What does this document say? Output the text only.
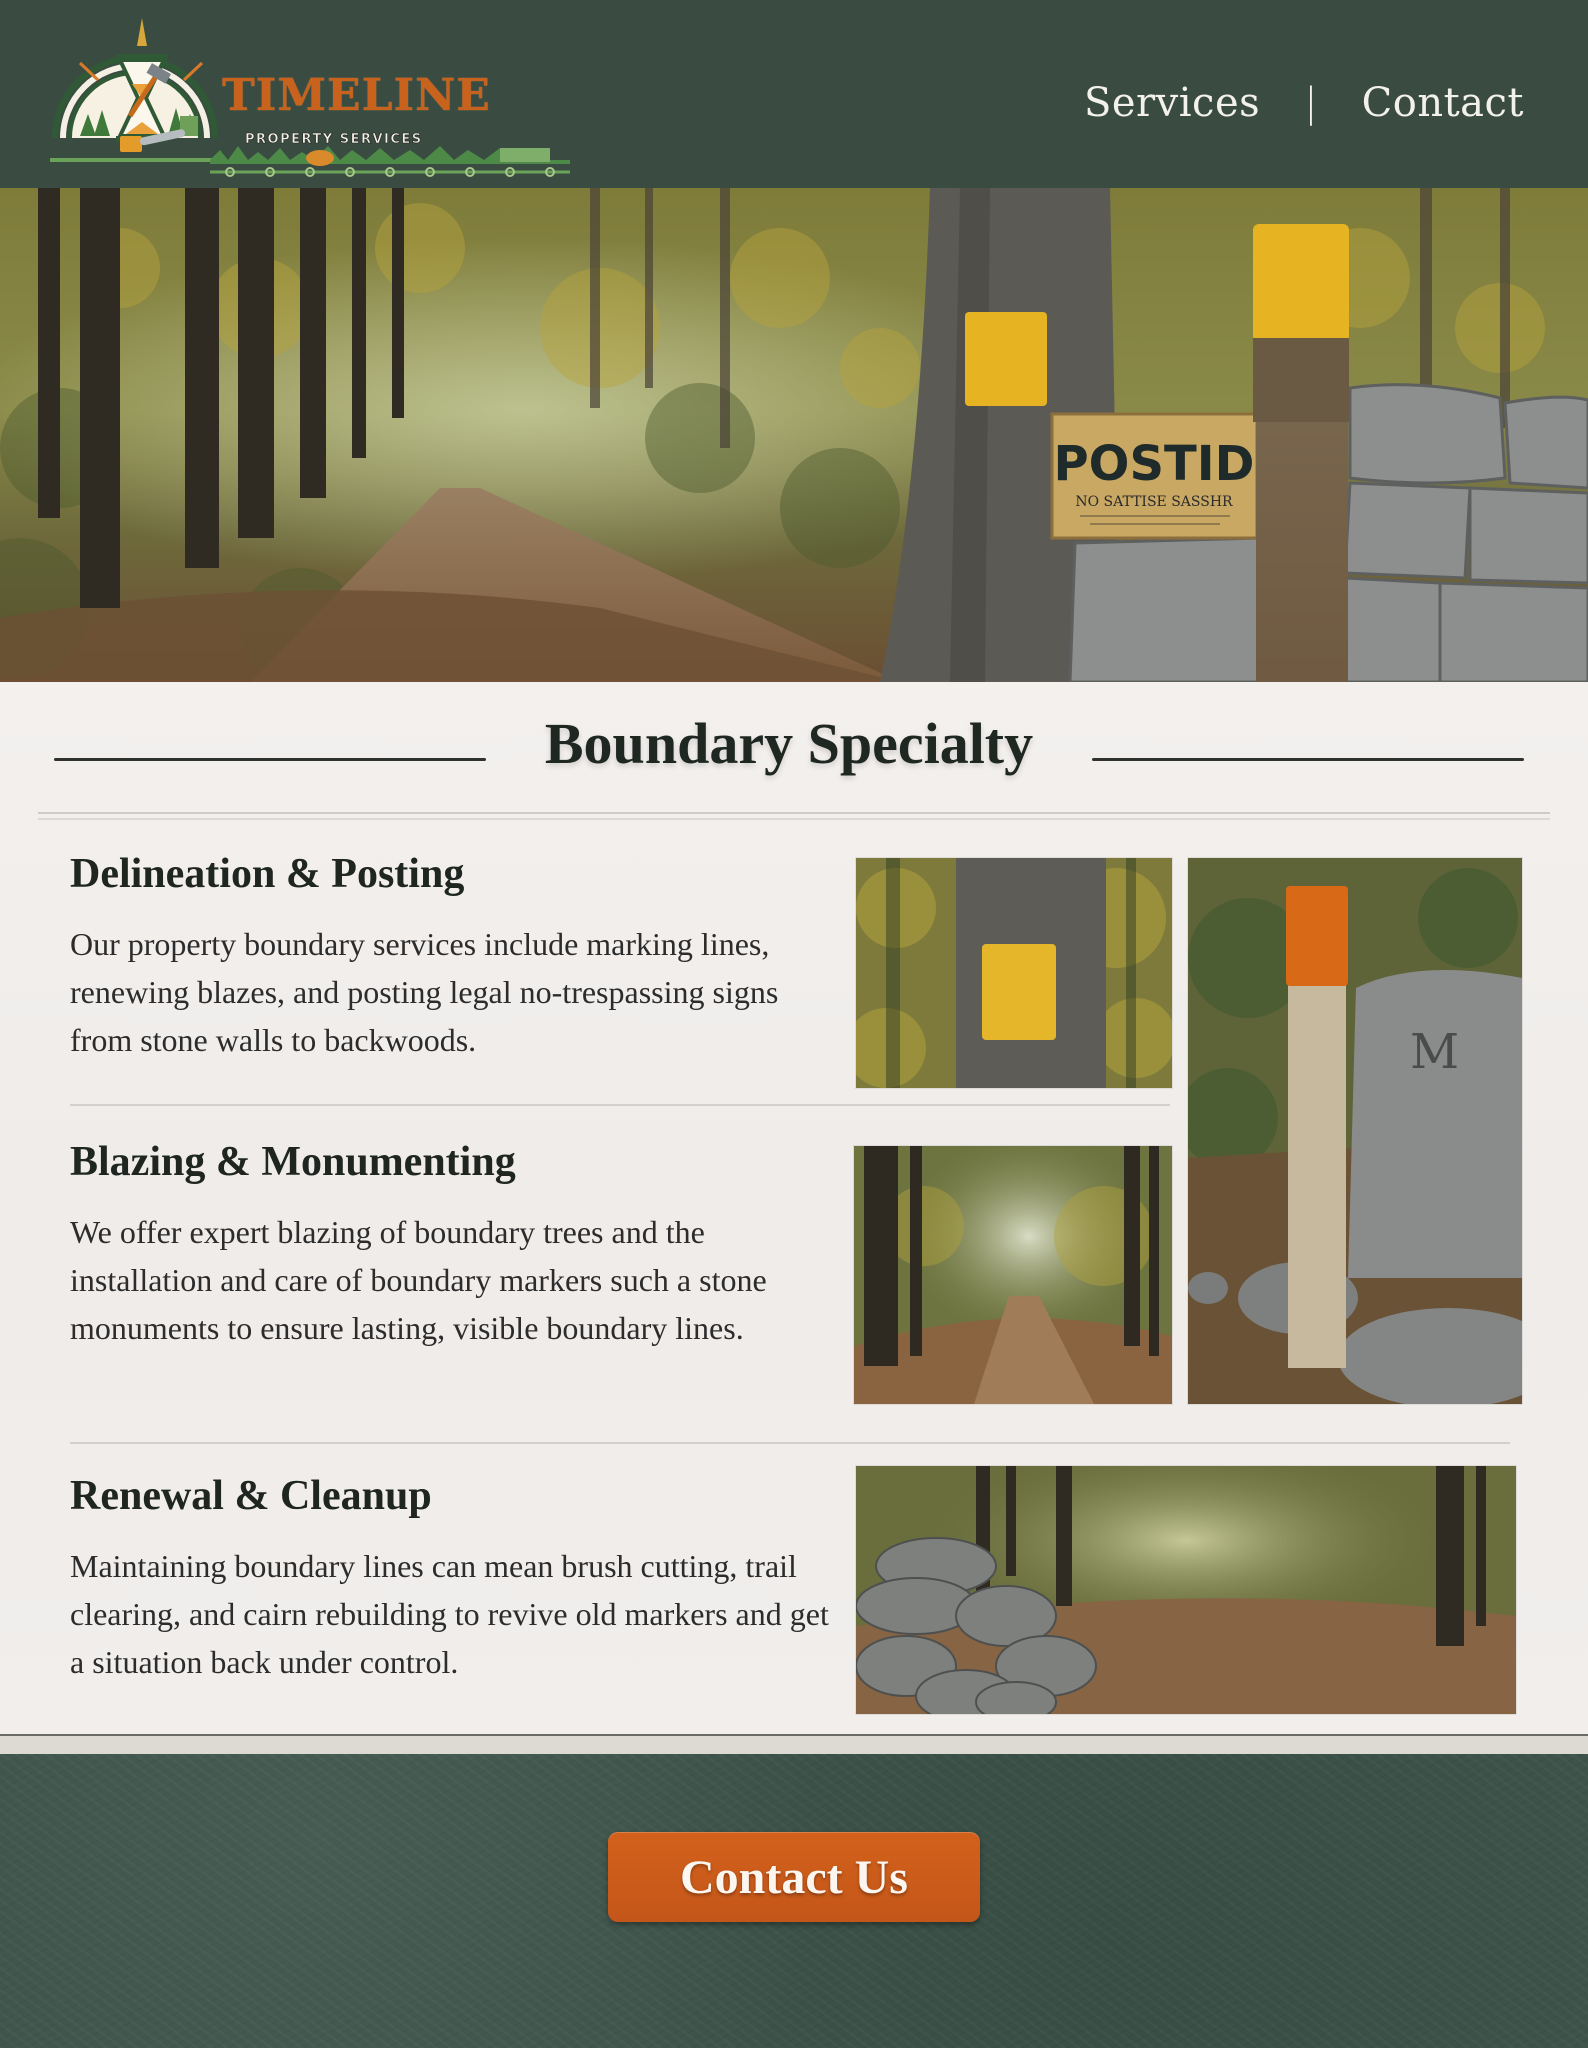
TIMELINE
PROPERTY SERVICES
Services | Contact
POSTID
NO SATTISE SASSHR
Boundary Specialty
Delineation & Posting

Our property boundary services include marking lines, renewing blazes, and posting legal no-trespassing signs from stone walls to backwoods.

Blazing & Monumenting

We offer expert blazing of boundary trees and the installation and care of boundary markers such a stone monuments to ensure lasting, visible boundary lines.

Renewal & Cleanup

Maintaining boundary lines can mean brush cutting, trail clearing, and cairn rebuilding to revive old markers and get a situation back under control.

M
Contact Us
